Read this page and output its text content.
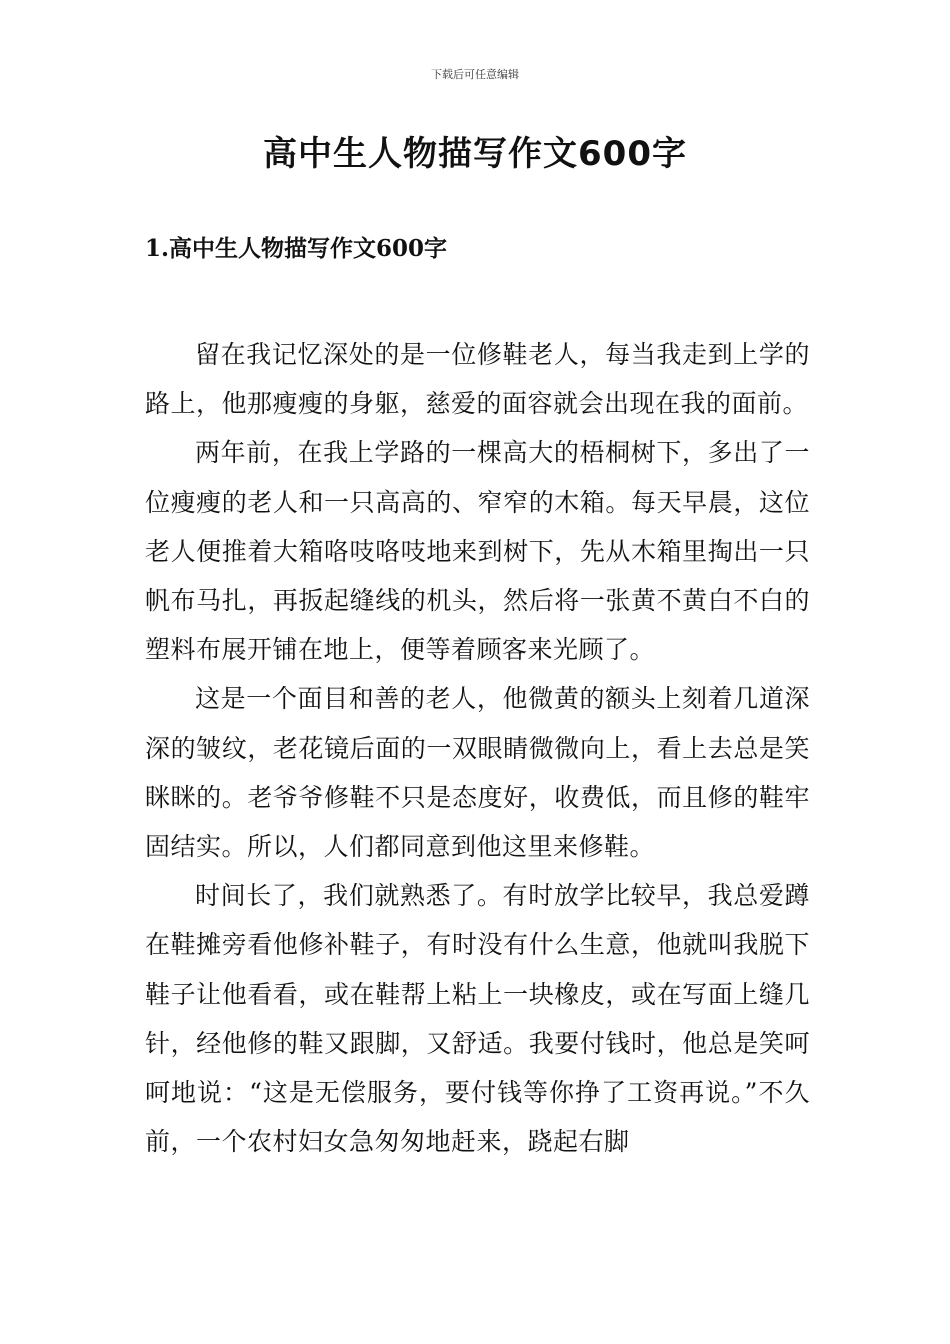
下载后可任意编辑
高中生人物描写作文600字
1.高中生人物描写作文600字

留在我记忆深处的是一位修鞋老人，每当我走到上学的路上，他那瘦瘦的身躯，慈爱的面容就会出现在我的面前。

两年前，在我上学路的一棵高大的梧桐树下，多出了一位瘦瘦的老人和一只高高的、窄窄的木箱。每天早晨，这位老人便推着大箱咯吱咯吱地来到树下，先从木箱里掏出一只帆布马扎，再扳起缝线的机头，然后将一张黄不黄白不白的塑料布展开铺在地上，便等着顾客来光顾了。

这是一个面目和善的老人，他微黄的额头上刻着几道深深的皱纹，老花镜后面的一双眼睛微微向上，看上去总是笑眯眯的。老爷爷修鞋不只是态度好，收费低，而且修的鞋牢固结实。所以，人们都同意到他这里来修鞋。

时间长了，我们就熟悉了。有时放学比较早，我总爱蹲在鞋摊旁看他修补鞋子，有时没有什么生意，他就叫我脱下鞋子让他看看，或在鞋帮上粘上一块橡皮，或在写面上缝几针，经他修的鞋又跟脚，又舒适。我要付钱时，他总是笑呵呵地说：“这是无偿服务，要付钱等你挣了工资再说。”不久前，一个农村妇女急匆匆地赶来，跷起右脚
